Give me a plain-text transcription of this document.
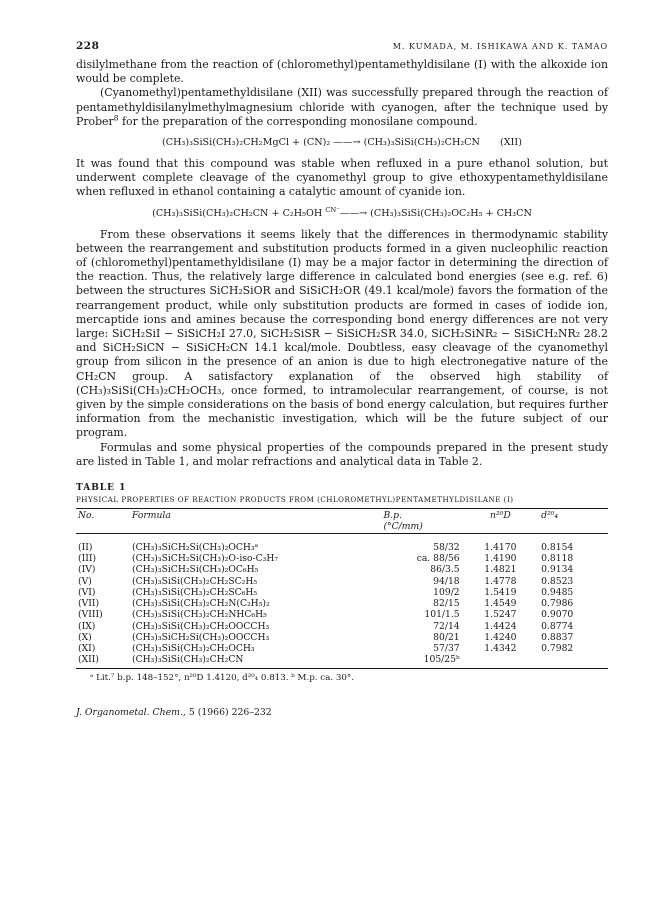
228	M. KUMADA, M. ISHIKAWA AND K. TAMAO

disilylmethane from the reaction of (chloromethyl)pentamethyldisilane (I) with the alkoxide ion would be complete.

(Cyanomethyl)pentamethyldisilane (XII) was successfully prepared through the reaction of pentamethyldisilanylmethylmagnesium chloride with cyanogen, after the technique used by Prober$^8$ for the preparation of the corresponding monosilane compound.

(CH₃)₃SiSi(CH₃)₂CH₂MgCl + (CN)₂ ——→ (CH₃)₃SiSi(CH₃)₂CH₂CN (XII)

It was found that this compound was stable when refluxed in a pure ethanol solution, but underwent complete cleavage of the cyanomethyl group to give ethoxypentamethyldisilane when refluxed in ethanol containing a catalytic amount of cyanide ion.

(CH₃)₃SiSi(CH₃)₂CH₂CN + C₂H₅OH $^{CN^-}$——→ (CH₃)₃SiSi(CH₃)₂OC₂H₅ + CH₃CN

From these observations it seems likely that the differences in thermodynamic stability between the rearrangement and substitution products formed in a given nucleophilic reaction of (chloromethyl)pentamethyldisilane (I) may be a major factor in determining the direction of the reaction. Thus, the relatively large difference in calculated bond energies (see e.g. ref. 6) between the structures SiCH₂SiOR and SiSiCH₂OR (49.1 kcal/mole) favors the formation of the rearrangement product, while only substitution products are formed in cases of iodide ion, mercaptide ions and amines because the corresponding bond energy differences are not very large: SiCH₂SiI − SiSiCH₂I 27.0, SiCH₂SiSR − SiSiCH₂SR 34.0, SiCH₂SiNR₂ − SiSiCH₂NR₂ 28.2 and SiCH₂SiCN − SiSiCH₂CN 14.1 kcal/mole. Doubtless, easy cleavage of the cyanomethyl group from silicon in the presence of an anion is due to high electronegative nature of the CH₂CN group. A satisfactory explanation of the observed high stability of (CH₃)₃SiSi(CH₃)₂CH₂OCH₃, once formed, to intramolecular rearrangement, of course, is not given by the simple considerations on the basis of bond energy calculation, but requires further information from the mechanistic investigation, which will be the future subject of our program.

Formulas and some physical properties of the compounds prepared in the present study are listed in Table 1, and molar refractions and analytical data in Table 2.

TABLE 1
PHYSICAL PROPERTIES OF REACTION PRODUCTS FROM (CHLOROMETHYL)PENTAMETHYLDISILANE (I)
No.	Formula	B.p.
(°C/mm)	n²⁰D	d²⁰₄
(II)	(CH₃)₃SiCH₂Si(CH₃)₂OCH₃ᵃ	58/32	1.4170	0.8154
(III)	(CH₃)₃SiCH₂Si(CH₃)₂O-iso-C₃H₇	ca. 88/56	1.4190	0.8118
(IV)	(CH₃)₃SiCH₂Si(CH₃)₂OC₆H₅	86/3.5	1.4821	0.9134
(V)	(CH₃)₃SiSi(CH₃)₂CH₂SC₂H₅	94/18	1.4778	0.8523
(VI)	(CH₃)₃SiSi(CH₃)₂CH₂SC₆H₅	109/2	1.5419	0.9485
(VII)	(CH₃)₃SiSi(CH₃)₂CH₂N(C₂H₅)₂	82/15	1.4549	0.7986
(VIII)	(CH₃)₃SiSi(CH₃)₂CH₂NHC₆H₅	101/1.5	1.5247	0.9070
(IX)	(CH₃)₃SiSi(CH₃)₂CH₂OOCCH₃	72/14	1.4424	0.8774
(X)	(CH₃)₃SiCH₂Si(CH₃)₂OOCCH₃	80/21	1.4240	0.8837
(XI)	(CH₃)₃SiSi(CH₃)₂CH₂OCH₃	57/37	1.4342	0.7982
(XII)	(CH₃)₃SiSi(CH₃)₂CH₂CN	105/25ᵇ		
ᵃ Lit.⁷ b.p. 148–152°, n²⁰D 1.4120, d²⁰₄ 0.813. ᵇ M.p. ca. 30°.
J. Organometal. Chem., 5 (1966) 226–232
